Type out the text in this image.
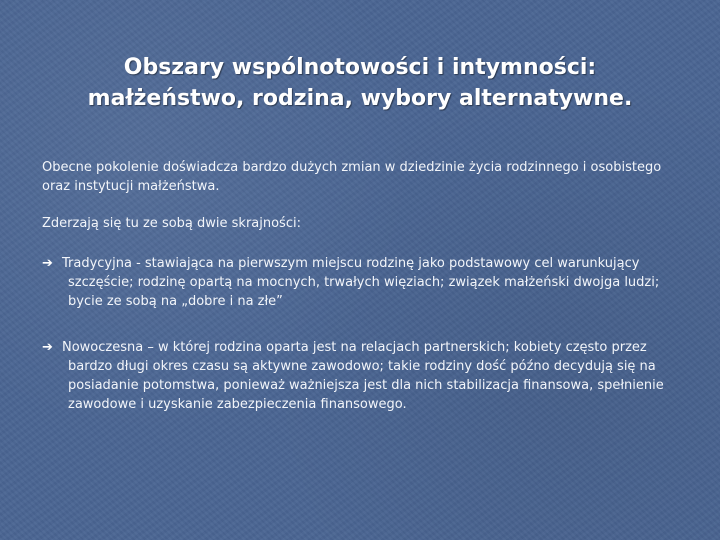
Obszary wspólnotowości i intymności:
małżeństwo, rodzina, wybory alternatywne.

Obecne pokolenie doświadcza bardzo dużych zmian w dziedzinie życia rodzinnego i osobistego oraz instytucji małżeństwa.

Zderzają się tu ze sobą dwie skrajności:

➔ Tradycyjna - stawiająca na pierwszym miejscu rodzinę jako podstawowy cel warunkujący szczęście; rodzinę opartą na mocnych, trwałych więziach; związek małżeński dwojga ludzi; bycie ze sobą na „dobre i na złe”

➔ Nowoczesna – w której rodzina oparta jest na relacjach partnerskich; kobiety często przez bardzo długi okres czasu są aktywne zawodowo; takie rodziny dość późno decydują się na posiadanie potomstwa, ponieważ ważniejsza jest dla nich stabilizacja finansowa, spełnienie zawodowe i uzyskanie zabezpieczenia finansowego.
